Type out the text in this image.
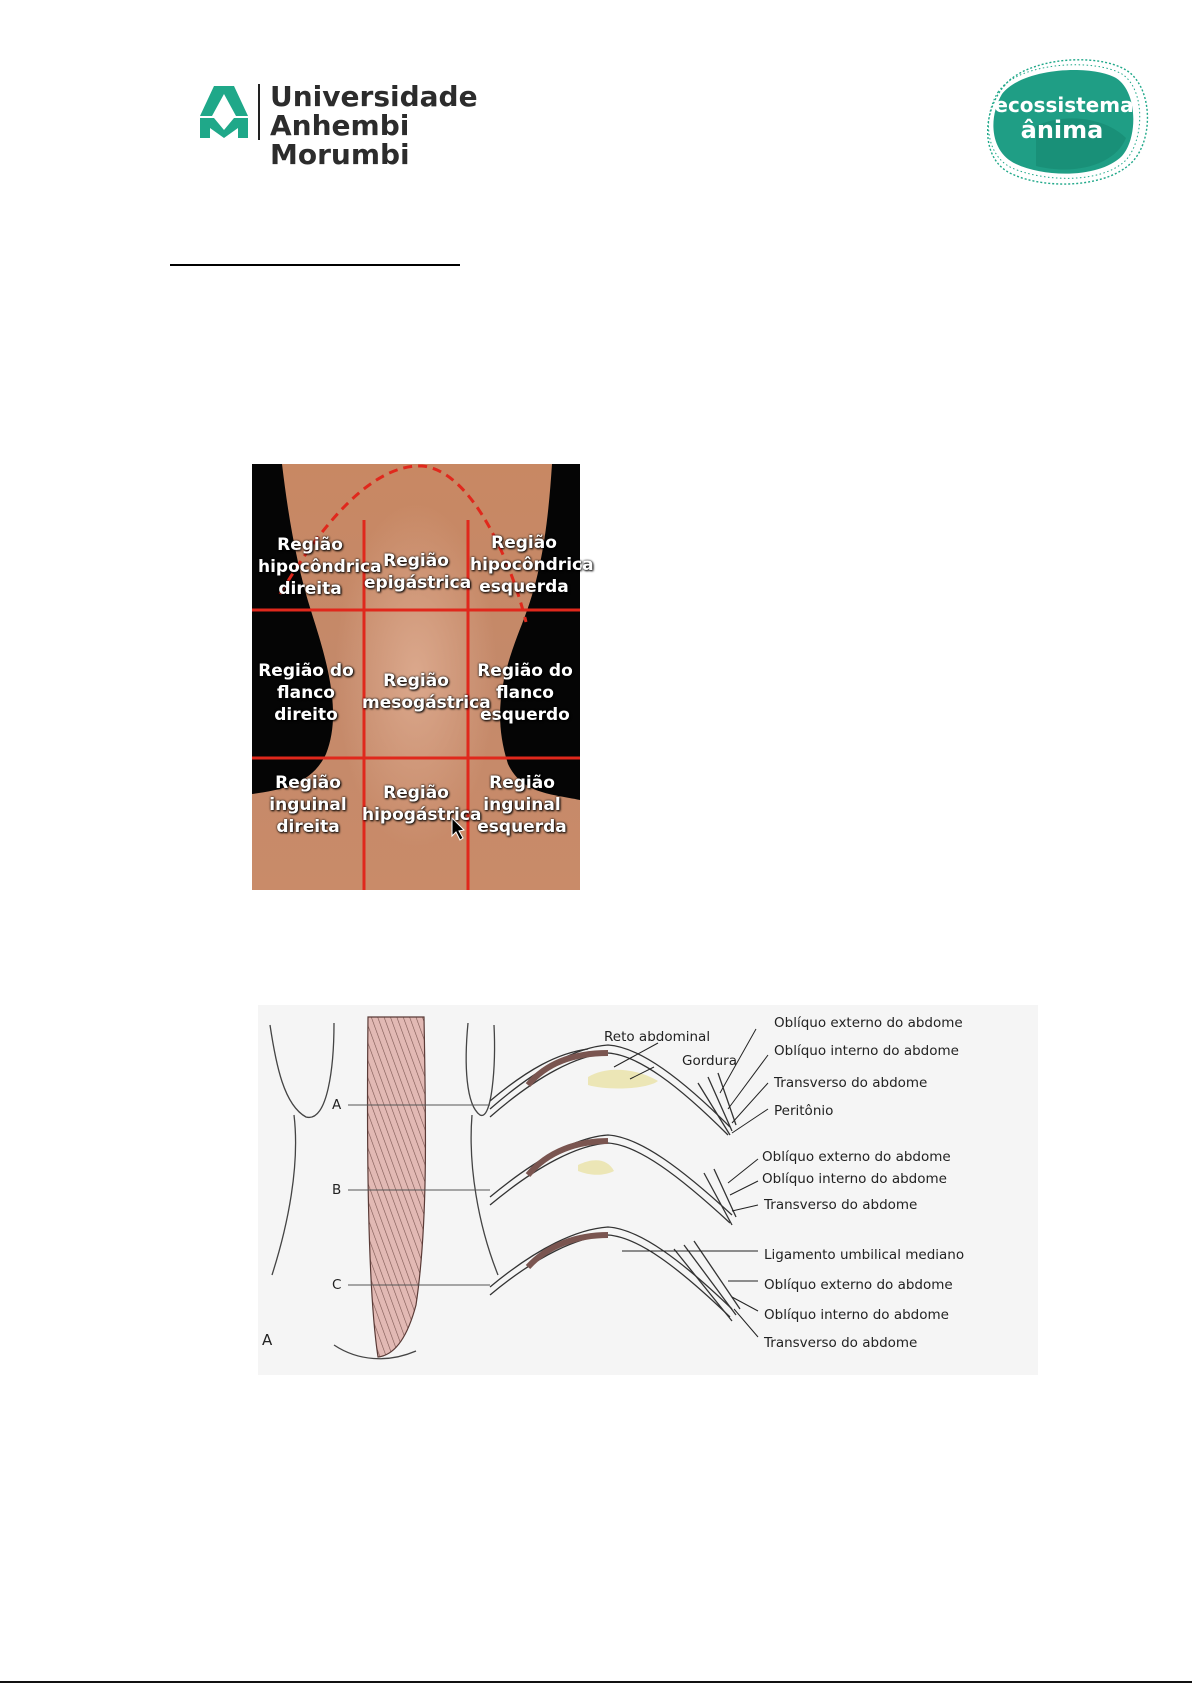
Universidade
Anhembi Morumbi
ecossistema
ânima
Região hipocôndrica direita
Região epigástrica
Região hipocôndrica esquerda
Região do flanco direito
Região mesogástrica
Região do flanco esquerdo
Região inguinal direita
Região hipogástrica
Região inguinal esquerda
A
B
C
A
Reto abdominal
Gordura
Oblíquo externo do abdome
Oblíquo interno do abdome
Transverso do abdome
Peritônio
Oblíquo externo do abdome
Oblíquo interno do abdome
Transverso do abdome
Ligamento umbilical mediano
Oblíquo externo do abdome
Oblíquo interno do abdome
Transverso do abdome
